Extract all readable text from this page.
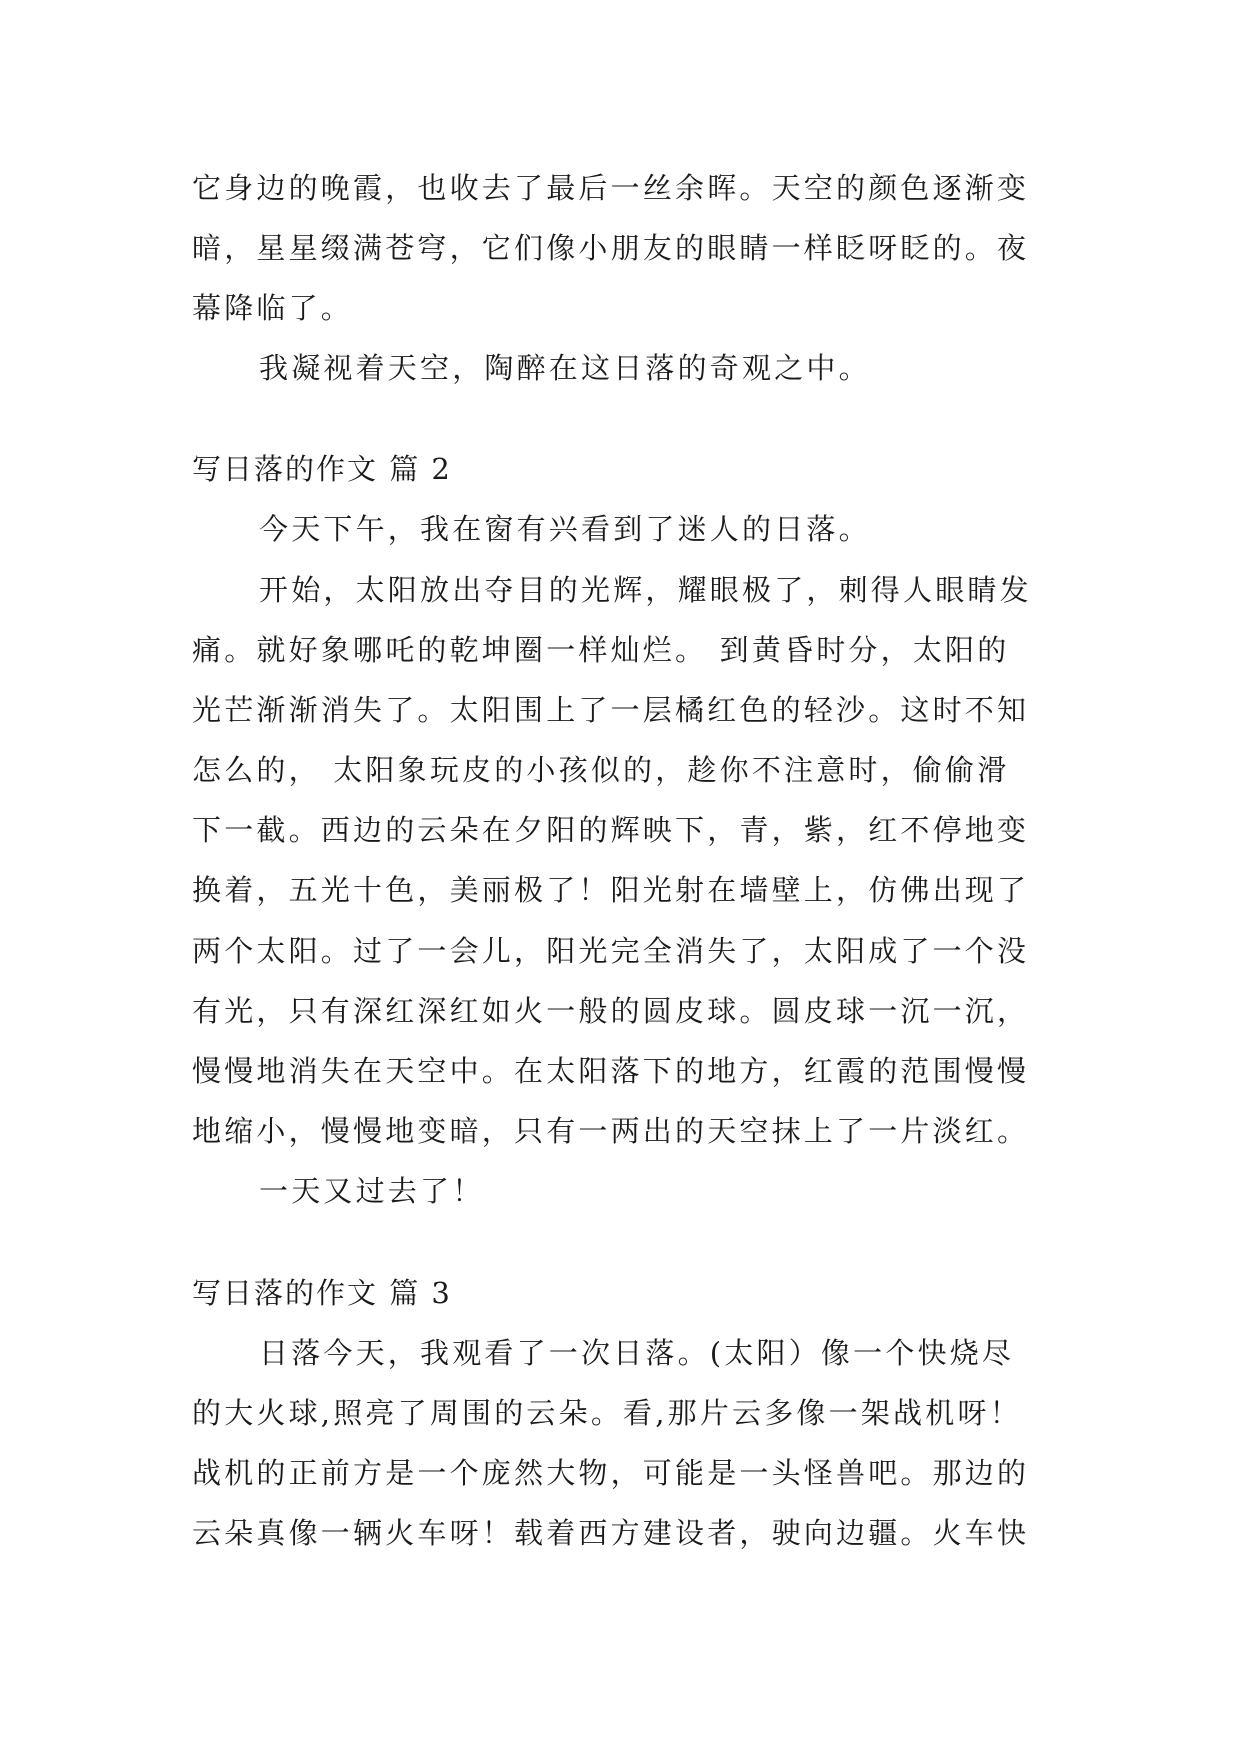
它身边的晚霞，也收去了最后一丝余晖。天空的颜色逐渐变
暗，星星缀满苍穹，它们像小朋友的眼睛一样眨呀眨的。夜
幕降临了。
我凝视着天空，陶醉在这日落的奇观之中。
写日落的作文 篇 2
今天下午，我在窗有兴看到了迷人的日落。
开始，太阳放出夺目的光辉，耀眼极了，刺得人眼睛发
痛。就好象哪吒的乾坤圈一样灿烂。 到黄昏时分，太阳的
光芒渐渐消失了。太阳围上了一层橘红色的轻沙。这时不知
怎么的， 太阳象玩皮的小孩似的，趁你不注意时，偷偷滑
下一截。西边的云朵在夕阳的辉映下，青，紫，红不停地变
换着，五光十色，美丽极了！阳光射在墙壁上，仿佛出现了
两个太阳。过了一会儿，阳光完全消失了，太阳成了一个没
有光，只有深红深红如火一般的圆皮球。圆皮球一沉一沉，
慢慢地消失在天空中。在太阳落下的地方，红霞的范围慢慢
地缩小，慢慢地变暗，只有一两出的天空抹上了一片淡红。
一天又过去了！
写日落的作文 篇 3
日落今天，我观看了一次日落。(太阳）像一个快烧尽
的大火球,照亮了周围的云朵。看,那片云多像一架战机呀！
战机的正前方是一个庞然大物，可能是一头怪兽吧。那边的
云朵真像一辆火车呀！载着西方建设者，驶向边疆。火车快
